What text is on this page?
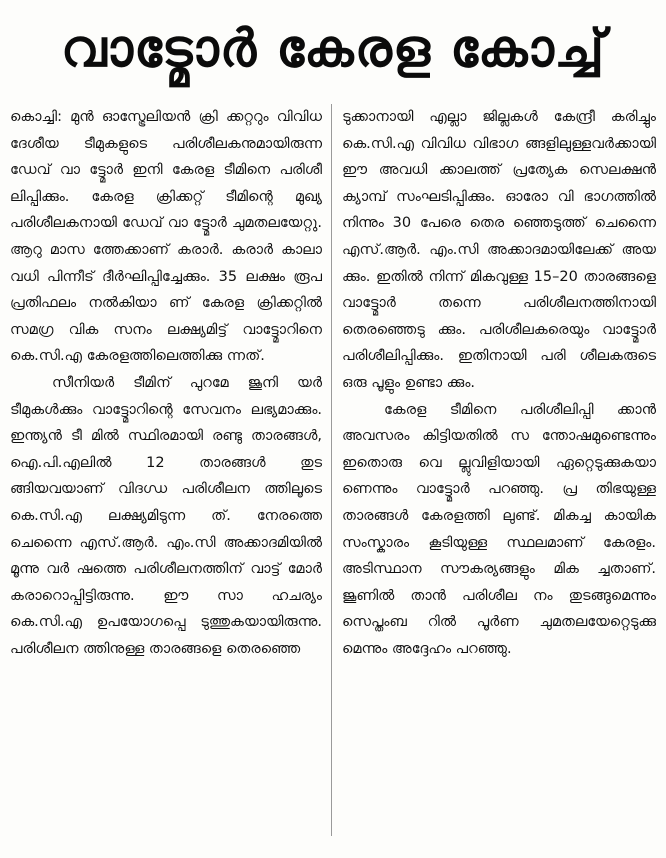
വാട്മോർ കേരള കോച്ച്

കൊച്ചി: മുൻ ഓസ്ട്രേലിയൻ ക്രി ക്കറ്ററും വിവിധ ദേശീയ ടീമുകളുടെ പരിശീലകനുമായിരുന്ന ഡേവ് വാ ട്ട്മോർ ഇനി കേരള ടീമിനെ പരിശീ ലിപ്പിക്കും. കേരള ക്രിക്കറ്റ് ടീമിന്റെ മുഖ്യ പരിശീലകനായി ഡേവ് വാ ട്ട്മോർ ചുമതലയേറ്റു. ആറു മാസ ത്തേക്കാണ് കരാർ. കരാർ കാലാ വധി പിന്നീട് ദീർഘിപ്പിച്ചേക്കും. 35 ലക്ഷം രൂപ പ്രതിഫലം നൽകിയാ ണ് കേരള ക്രിക്കറ്റിൽ സമഗ്ര വിക സനം ലക്ഷ്യമിട്ട് വാട്ട്മോറിനെ കെ.സി.എ കേരളത്തിലെത്തിക്കു ന്നത്.

സീനിയർ ടീമിന് പുറമേ ജൂനി യർ ടീമുകൾക്കും വാട്ട്മോറിന്റെ സേവനം ലഭ്യമാക്കും. ഇന്ത്യൻ ടീ മിൽ സ്ഥിരമായി രണ്ടു താരങ്ങൾ, ഐ.പി.എലിൽ 12 താരങ്ങൾ തുട ങ്ങിയവയാണ് വിദഗ്ധ പരിശീലന ത്തിലൂടെ കെ.സി.എ ലക്ഷ്യമിടുന്ന ത്. നേരത്തെ ചെന്നൈ എസ്.ആർ. എം.സി അക്കാദമിയിൽ മൂന്നു വർ ഷത്തെ പരിശീലനത്തിന് വാട്ട് മോർ കരാറൊപ്പിട്ടിരുന്നു. ഈ സാ ഹചര്യം കെ.സി.എ ഉപയോഗപ്പെ ടുത്തുകയായിരുന്നു. പരിശീലന ത്തിനുള്ള താരങ്ങളെ തെരഞ്ഞെ

ടുക്കാനായി എല്ലാ ജില്ലകൾ കേന്ദ്രീ കരിച്ചും കെ.സി.എ വിവിധ വിഭാഗ ങ്ങളിലുള്ളവർക്കായി ഈ അവധി ക്കാലത്ത് പ്രത്യേക സെലക്ഷൻ ക്യാമ്പ് സംഘടിപ്പിക്കും. ഓരോ വി ഭാഗത്തിൽ നിന്നും 30 പേരെ തെര ഞ്ഞെടുത്ത് ചെന്നൈ എസ്.ആർ. എം.സി അക്കാദമായിലേക്ക് അയ ക്കും. ഇതിൽ നിന്ന് മികവുള്ള 15–20 താരങ്ങളെ വാട്ട്മോർ തന്നെ പരിശീലനത്തിനായി തെരഞ്ഞെടു ക്കും. പരിശീലകരെയും വാട്ട്മോർ പരിശീലിപ്പിക്കും. ഇതിനായി പരി ശീലകരുടെ ഒരു പൂളും ഉണ്ടാ ക്കും.

കേരള ടീമിനെ പരിശീലിപ്പി ക്കാൻ അവസരം കിട്ടിയതിൽ സ ന്തോഷമുണ്ടെന്നും ഇതൊരു വെ ല്ലുവിളിയായി ഏറ്റെടുക്കുകയാ ണെന്നും വാട്ട്മോർ പറഞ്ഞു. പ്ര തിഭയുള്ള താരങ്ങൾ കേരളത്തി ലുണ്ട്. മികച്ച കായിക സംസ്കാരം കൂടിയുള്ള സ്ഥലമാണ് കേരളം. അടിസ്ഥാന സൗകര്യങ്ങളും മിക ച്ചതാണ്. ജൂണിൽ താൻ പരിശീല നം തുടങ്ങുമെന്നും സെപ്തംബ റിൽ പൂർണ ചുമതലയേറ്റെടുക്കു മെന്നും അദ്ദേഹം പറഞ്ഞു.
